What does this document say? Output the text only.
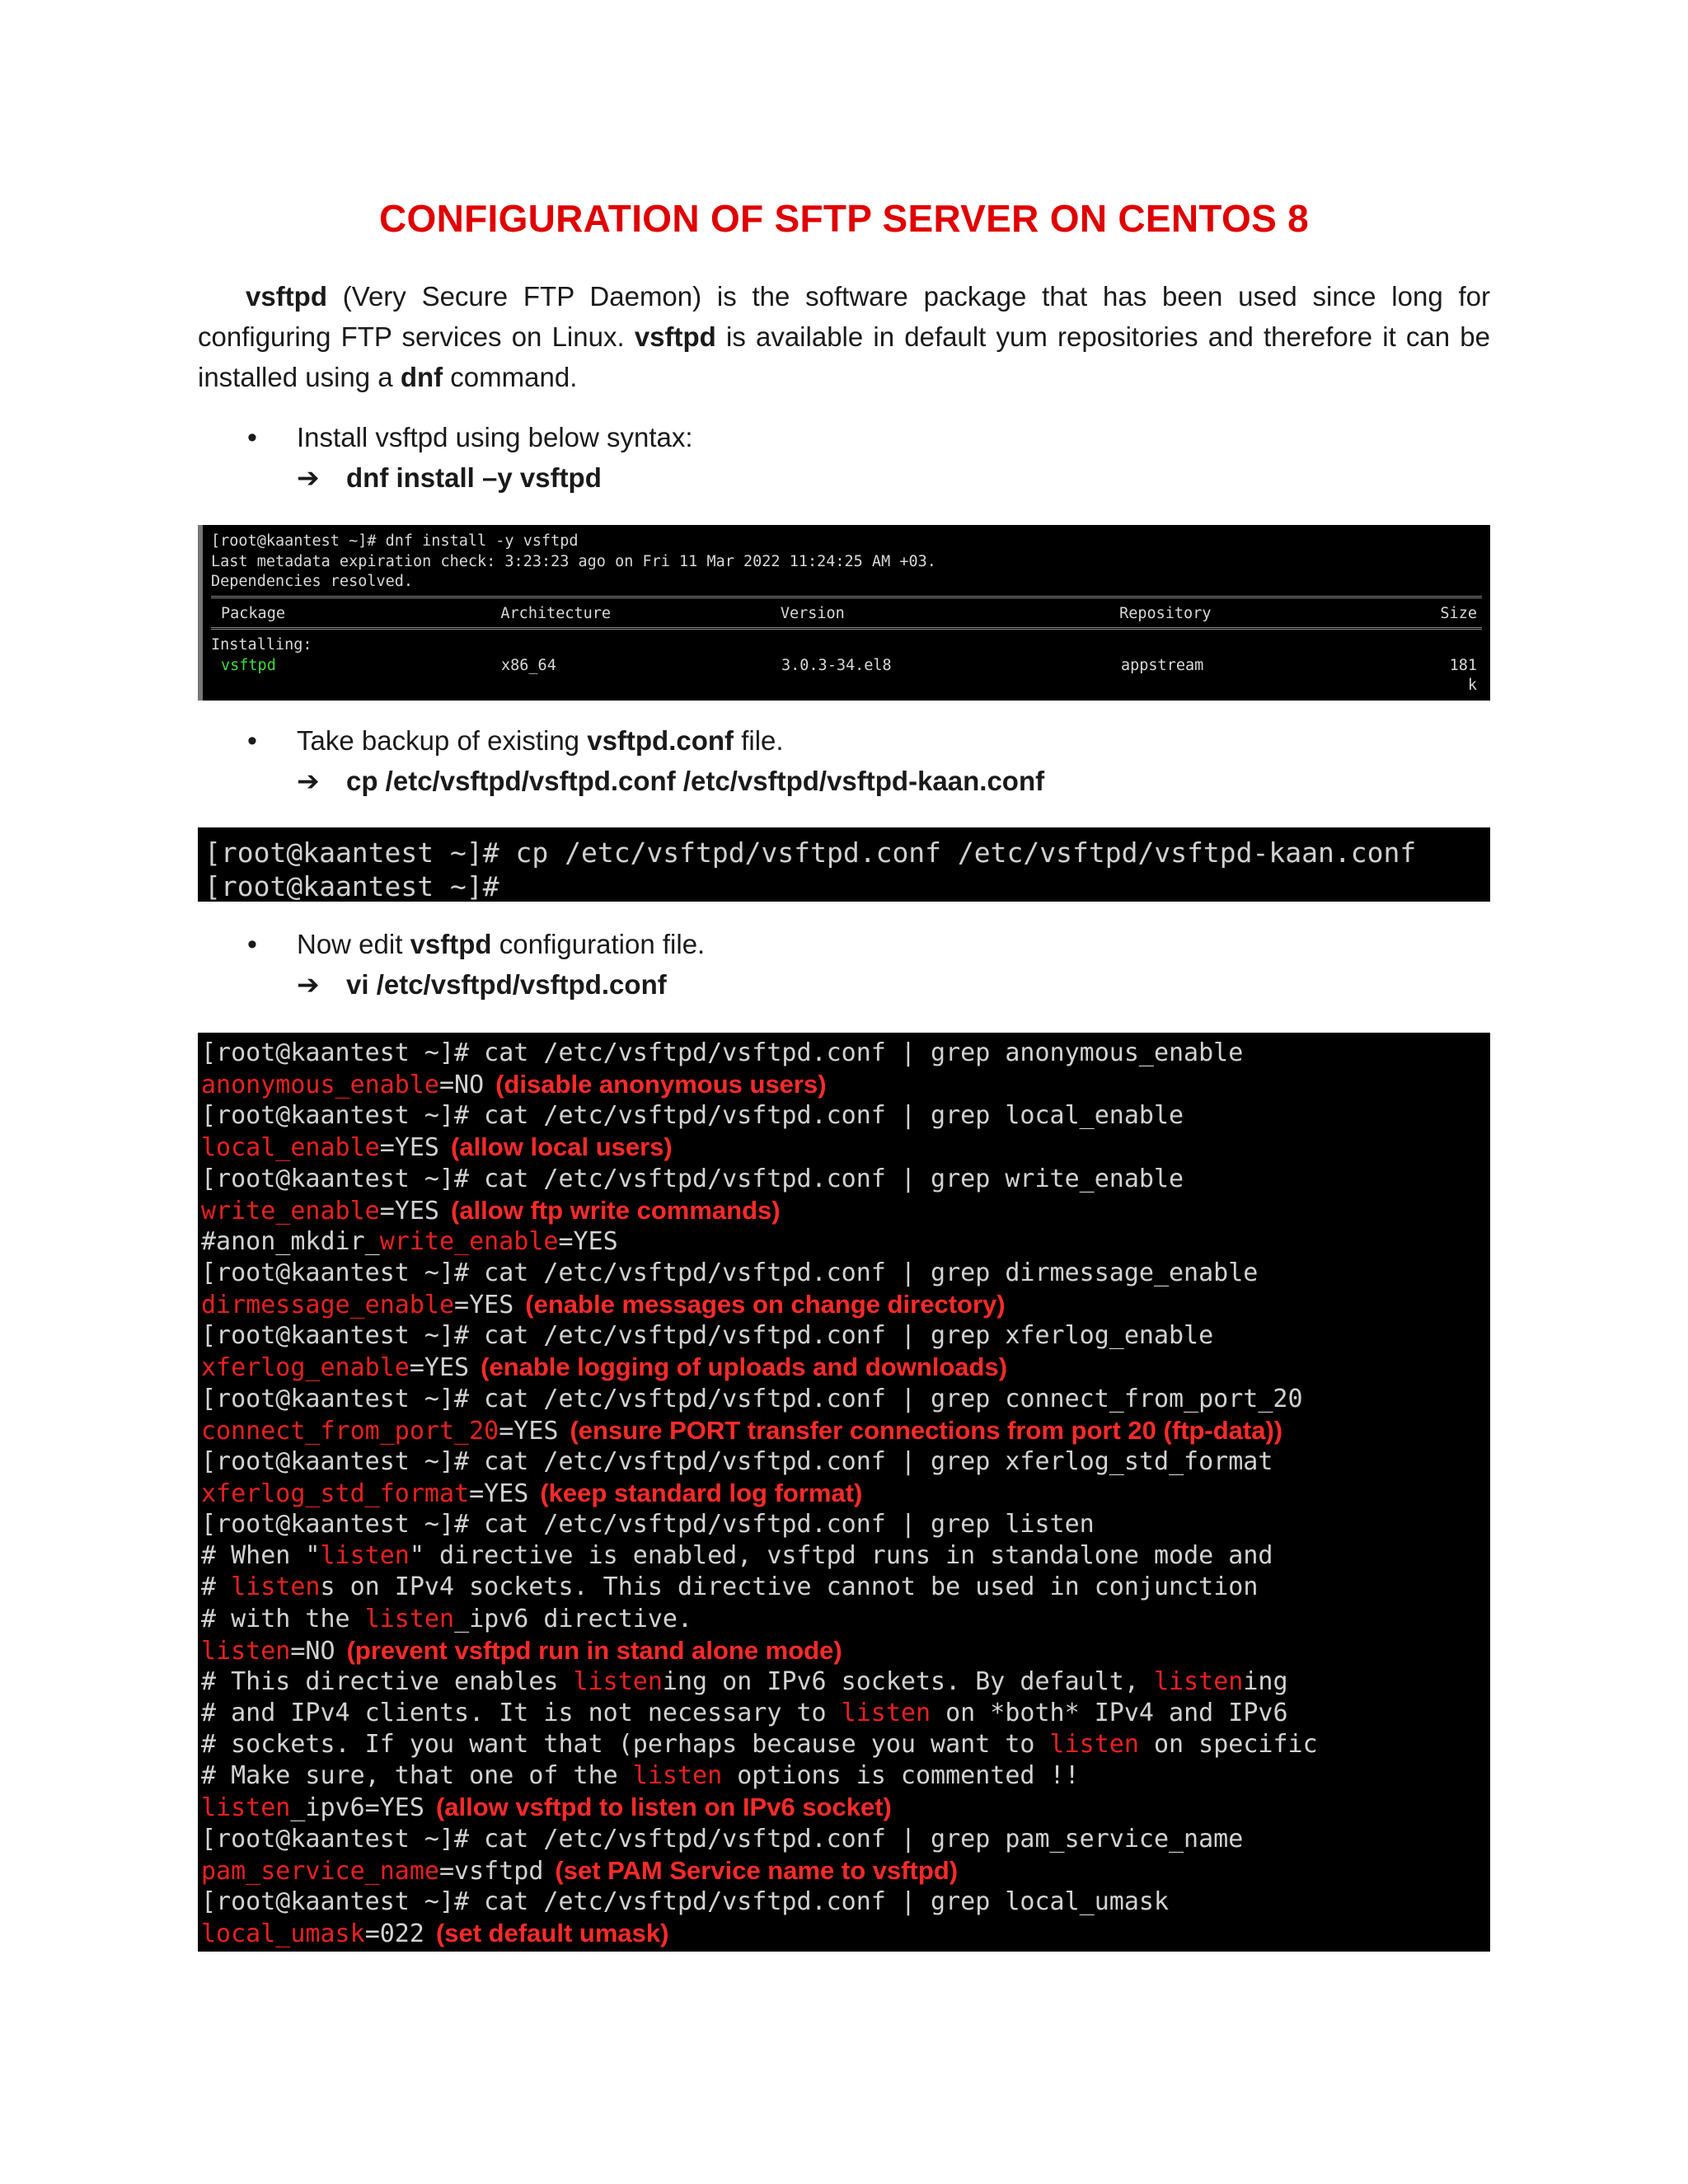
CONFIGURATION OF SFTP SERVER ON CENTOS 8
vsftpd (Very Secure FTP Daemon) is the software package that has been used since long for configuring FTP services on Linux. vsftpd is available in default yum repositories and therefore it can be installed using a dnf command.
• Install vsftpd using below syntax:
➔ dnf install –y vsftpd
[root@kaantest ~]# dnf install -y vsftpd
Last metadata expiration check: 3:23:23 ago on Fri 11 Mar 2022 11:24:25 AM +03.
Dependencies resolved.
Package	Architecture	Version	Repository	Size
Installing:
vsftpd	x86_64	3.0.3-34.el8	appstream	181 k
• Take backup of existing vsftpd.conf file.
➔ cp /etc/vsftpd/vsftpd.conf /etc/vsftpd/vsftpd-kaan.conf
[root@kaantest ~]# cp /etc/vsftpd/vsftpd.conf /etc/vsftpd/vsftpd-kaan.conf
[root@kaantest ~]#
• Now edit vsftpd configuration file.
➔ vi /etc/vsftpd/vsftpd.conf
[root@kaantest ~]# cat /etc/vsftpd/vsftpd.conf | grep anonymous_enable
anonymous_enable=NO (disable anonymous users)
[root@kaantest ~]# cat /etc/vsftpd/vsftpd.conf | grep local_enable
local_enable=YES (allow local users)
[root@kaantest ~]# cat /etc/vsftpd/vsftpd.conf | grep write_enable
write_enable=YES (allow ftp write commands)
#anon_mkdir_write_enable=YES
[root@kaantest ~]# cat /etc/vsftpd/vsftpd.conf | grep dirmessage_enable
dirmessage_enable=YES (enable messages on change directory)
[root@kaantest ~]# cat /etc/vsftpd/vsftpd.conf | grep xferlog_enable
xferlog_enable=YES (enable logging of uploads and downloads)
[root@kaantest ~]# cat /etc/vsftpd/vsftpd.conf | grep connect_from_port_20
connect_from_port_20=YES (ensure PORT transfer connections from port 20 (ftp-data))
[root@kaantest ~]# cat /etc/vsftpd/vsftpd.conf | grep xferlog_std_format
xferlog_std_format=YES (keep standard log format)
[root@kaantest ~]# cat /etc/vsftpd/vsftpd.conf | grep listen
# When "listen" directive is enabled, vsftpd runs in standalone mode and
# listens on IPv4 sockets. This directive cannot be used in conjunction
# with the listen_ipv6 directive.
listen=NO (prevent vsftpd run in stand alone mode)
# This directive enables listening on IPv6 sockets. By default, listening
# and IPv4 clients. It is not necessary to listen on *both* IPv4 and IPv6
# sockets. If you want that (perhaps because you want to listen on specific
# Make sure, that one of the listen options is commented !!
listen_ipv6=YES (allow vsftpd to listen on IPv6 socket)
[root@kaantest ~]# cat /etc/vsftpd/vsftpd.conf | grep pam_service_name
pam_service_name=vsftpd (set PAM Service name to vsftpd)
[root@kaantest ~]# cat /etc/vsftpd/vsftpd.conf | grep local_umask
local_umask=022 (set default umask)
